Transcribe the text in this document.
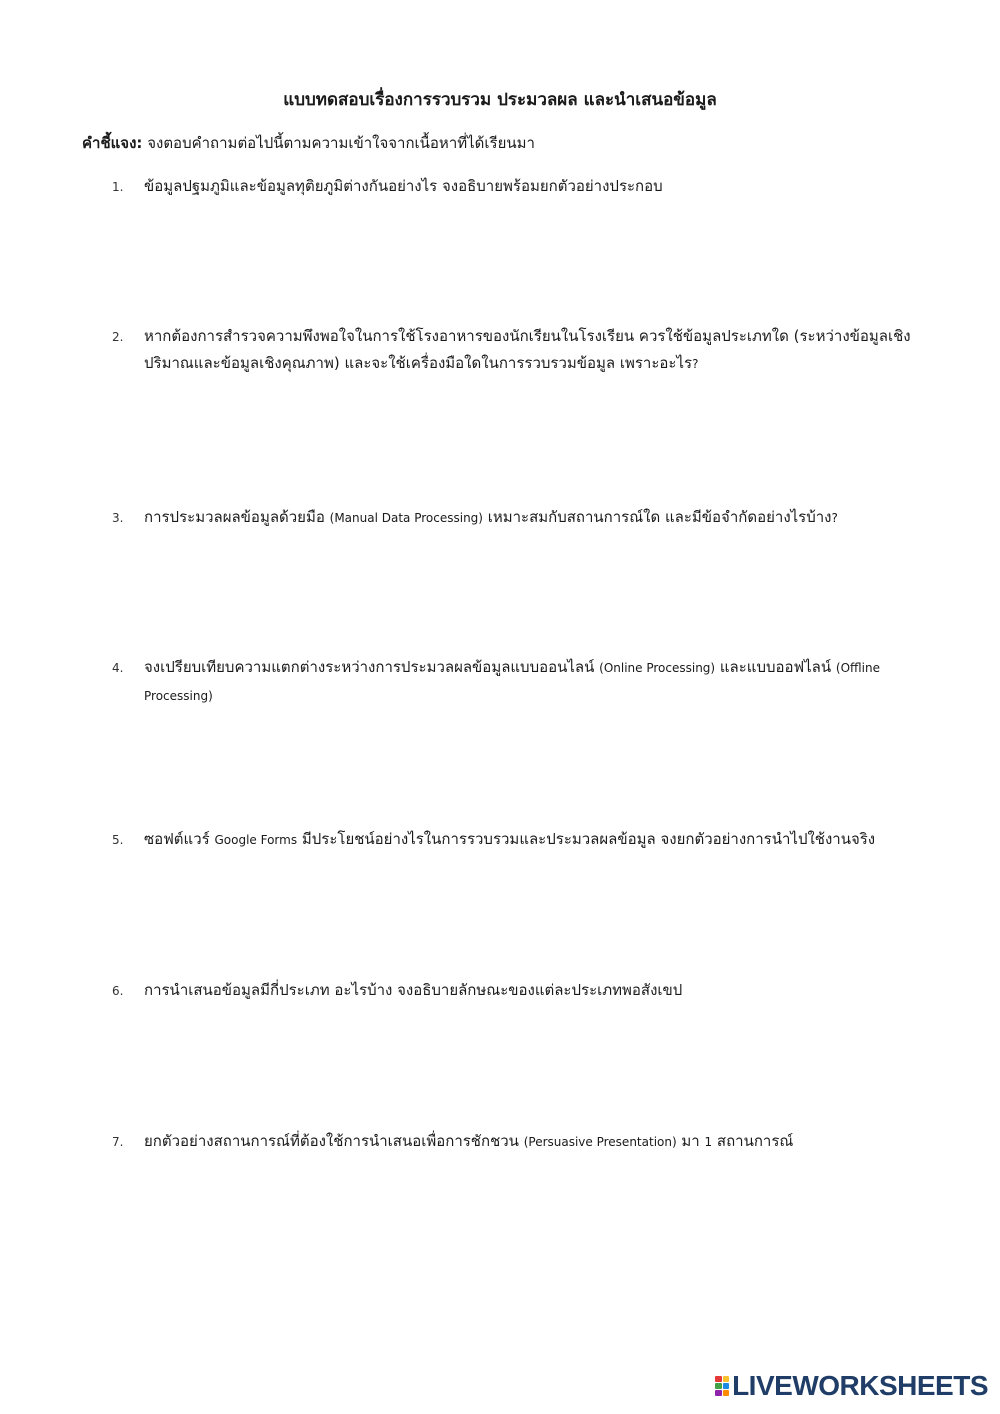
แบบทดสอบเรื่องการรวบรวม ประมวลผล และนำเสนอข้อมูล
คำชี้แจง: จงตอบคำถามต่อไปนี้ตามความเข้าใจจากเนื้อหาที่ได้เรียนมา
1. ข้อมูลปฐมภูมิและข้อมูลทุติยภูมิต่างกันอย่างไร จงอธิบายพร้อมยกตัวอย่างประกอบ
2. หากต้องการสำรวจความพึงพอใจในการใช้โรงอาหารของนักเรียนในโรงเรียน ควรใช้ข้อมูลประเภทใด (ระหว่างข้อมูลเชิงปริมาณและข้อมูลเชิงคุณภาพ) และจะใช้เครื่องมือใดในการรวบรวมข้อมูล เพราะอะไร?
3. การประมวลผลข้อมูลด้วยมือ (Manual Data Processing) เหมาะสมกับสถานการณ์ใด และมีข้อจำกัดอย่างไรบ้าง?
4. จงเปรียบเทียบความแตกต่างระหว่างการประมวลผลข้อมูลแบบออนไลน์ (Online Processing) และแบบออฟไลน์ (Offline Processing)
5. ซอฟต์แวร์ Google Forms มีประโยชน์อย่างไรในการรวบรวมและประมวลผลข้อมูล จงยกตัวอย่างการนำไปใช้งานจริง
6. การนำเสนอข้อมูลมีกี่ประเภท อะไรบ้าง จงอธิบายลักษณะของแต่ละประเภทพอสังเขป
7. ยกตัวอย่างสถานการณ์ที่ต้องใช้การนำเสนอเพื่อการชักชวน (Persuasive Presentation) มา 1 สถานการณ์
LIVEWORKSHEETS
